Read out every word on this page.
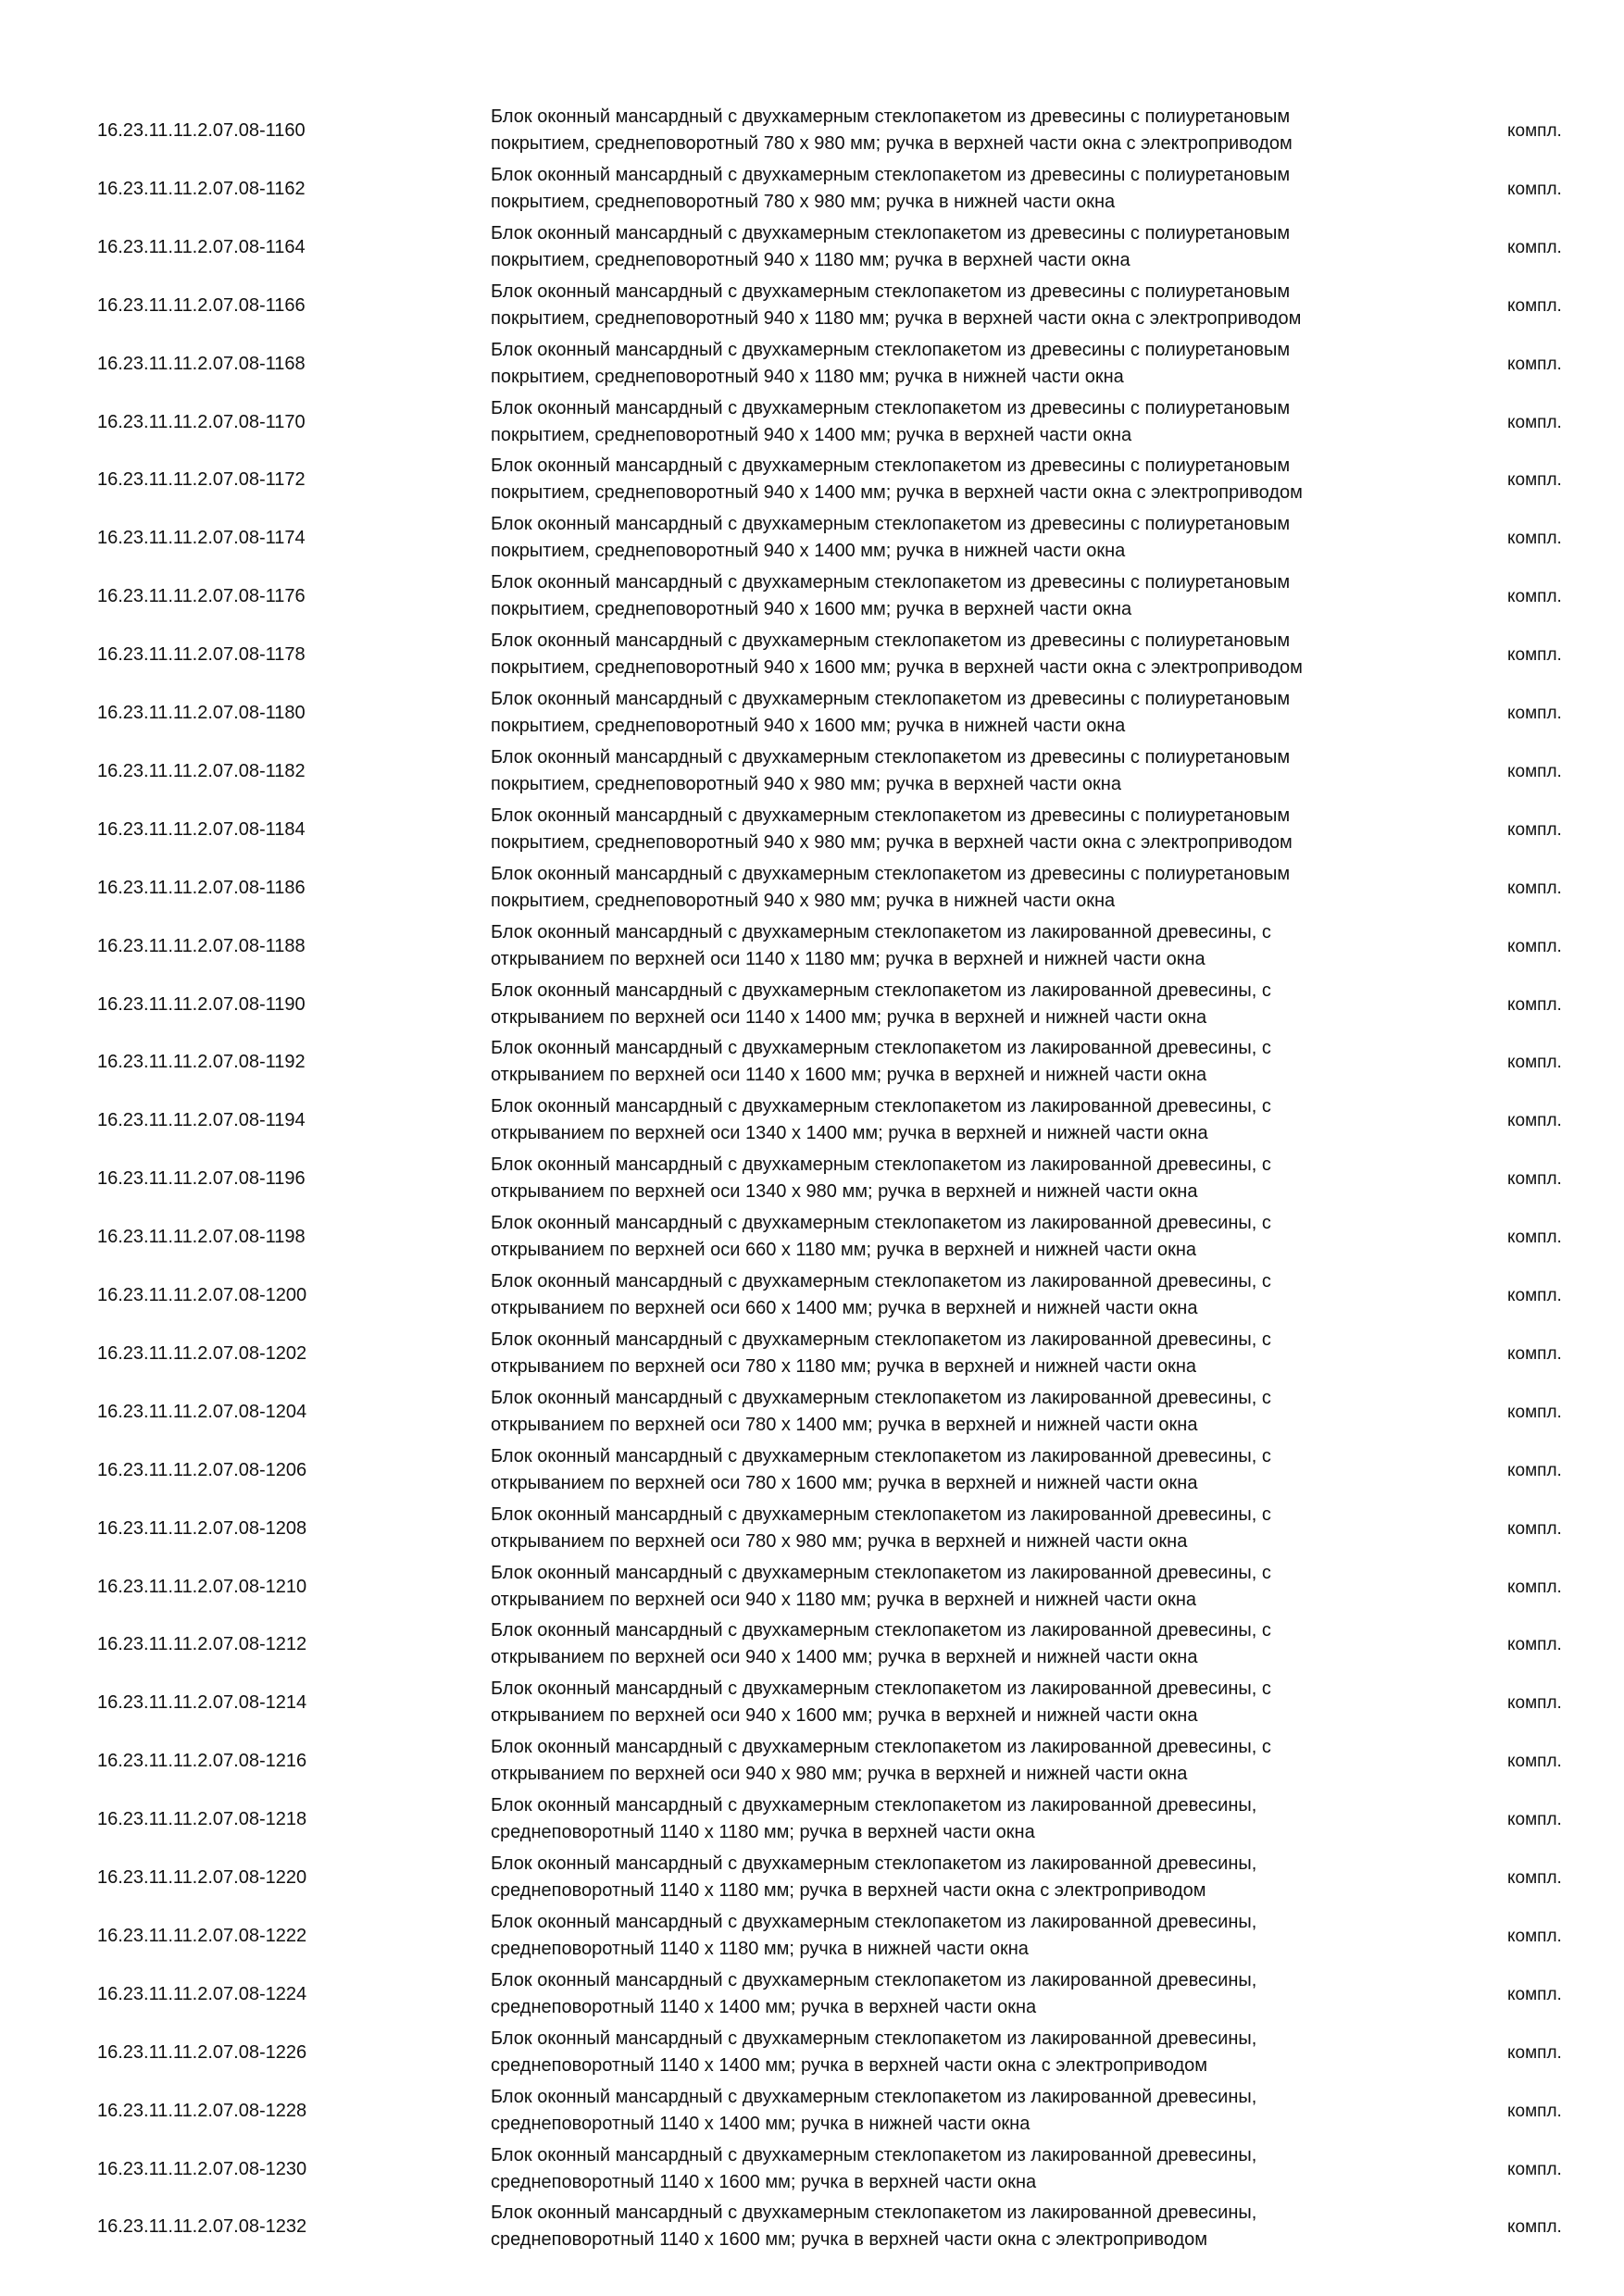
16.23.11.11.2.07.08-1160
Блок оконный мансардный с двухкамерным стеклопакетом из древесины с полиуретановым
покрытием, среднеповоротный 780 х 980 мм; ручка в верхней части окна с электроприводом
компл.
16.23.11.11.2.07.08-1162
Блок оконный мансардный с двухкамерным стеклопакетом из древесины с полиуретановым
покрытием, среднеповоротный 780 х 980 мм; ручка в нижней части окна
компл.
16.23.11.11.2.07.08-1164
Блок оконный мансардный с двухкамерным стеклопакетом из древесины с полиуретановым
покрытием, среднеповоротный 940 х 1180 мм; ручка в верхней части окна
компл.
16.23.11.11.2.07.08-1166
Блок оконный мансардный с двухкамерным стеклопакетом из древесины с полиуретановым
покрытием, среднеповоротный 940 х 1180 мм; ручка в верхней части окна с электроприводом
компл.
16.23.11.11.2.07.08-1168
Блок оконный мансардный с двухкамерным стеклопакетом из древесины с полиуретановым
покрытием, среднеповоротный 940 х 1180 мм; ручка в нижней части окна
компл.
16.23.11.11.2.07.08-1170
Блок оконный мансардный с двухкамерным стеклопакетом из древесины с полиуретановым
покрытием, среднеповоротный 940 х 1400 мм; ручка в верхней части окна
компл.
16.23.11.11.2.07.08-1172
Блок оконный мансардный с двухкамерным стеклопакетом из древесины с полиуретановым
покрытием, среднеповоротный 940 х 1400 мм; ручка в верхней части окна с электроприводом
компл.
16.23.11.11.2.07.08-1174
Блок оконный мансардный с двухкамерным стеклопакетом из древесины с полиуретановым
покрытием, среднеповоротный 940 х 1400 мм; ручка в нижней части окна
компл.
16.23.11.11.2.07.08-1176
Блок оконный мансардный с двухкамерным стеклопакетом из древесины с полиуретановым
покрытием, среднеповоротный 940 х 1600 мм; ручка в верхней части окна
компл.
16.23.11.11.2.07.08-1178
Блок оконный мансардный с двухкамерным стеклопакетом из древесины с полиуретановым
покрытием, среднеповоротный 940 х 1600 мм; ручка в верхней части окна с электроприводом
компл.
16.23.11.11.2.07.08-1180
Блок оконный мансардный с двухкамерным стеклопакетом из древесины с полиуретановым
покрытием, среднеповоротный 940 х 1600 мм; ручка в нижней части окна
компл.
16.23.11.11.2.07.08-1182
Блок оконный мансардный с двухкамерным стеклопакетом из древесины с полиуретановым
покрытием, среднеповоротный 940 х 980 мм; ручка в верхней части окна
компл.
16.23.11.11.2.07.08-1184
Блок оконный мансардный с двухкамерным стеклопакетом из древесины с полиуретановым
покрытием, среднеповоротный 940 х 980 мм; ручка в верхней части окна с электроприводом
компл.
16.23.11.11.2.07.08-1186
Блок оконный мансардный с двухкамерным стеклопакетом из древесины с полиуретановым
покрытием, среднеповоротный 940 х 980 мм; ручка в нижней части окна
компл.
16.23.11.11.2.07.08-1188
Блок оконный мансардный с двухкамерным стеклопакетом из лакированной древесины, с
открыванием по верхней оси 1140 х 1180 мм; ручка в верхней и нижней части окна
компл.
16.23.11.11.2.07.08-1190
Блок оконный мансардный с двухкамерным стеклопакетом из лакированной древесины, с
открыванием по верхней оси 1140 х 1400 мм; ручка в верхней и нижней части окна
компл.
16.23.11.11.2.07.08-1192
Блок оконный мансардный с двухкамерным стеклопакетом из лакированной древесины, с
открыванием по верхней оси 1140 х 1600 мм; ручка в верхней и нижней части окна
компл.
16.23.11.11.2.07.08-1194
Блок оконный мансардный с двухкамерным стеклопакетом из лакированной древесины, с
открыванием по верхней оси 1340 х 1400 мм; ручка в верхней и нижней части окна
компл.
16.23.11.11.2.07.08-1196
Блок оконный мансардный с двухкамерным стеклопакетом из лакированной древесины, с
открыванием по верхней оси 1340 х 980 мм; ручка в верхней и нижней части окна
компл.
16.23.11.11.2.07.08-1198
Блок оконный мансардный с двухкамерным стеклопакетом из лакированной древесины, с
открыванием по верхней оси 660 х 1180 мм; ручка в верхней и нижней части окна
компл.
16.23.11.11.2.07.08-1200
Блок оконный мансардный с двухкамерным стеклопакетом из лакированной древесины, с
открыванием по верхней оси 660 х 1400 мм; ручка в верхней и нижней части окна
компл.
16.23.11.11.2.07.08-1202
Блок оконный мансардный с двухкамерным стеклопакетом из лакированной древесины, с
открыванием по верхней оси 780 х 1180 мм; ручка в верхней и нижней части окна
компл.
16.23.11.11.2.07.08-1204
Блок оконный мансардный с двухкамерным стеклопакетом из лакированной древесины, с
открыванием по верхней оси 780 х 1400 мм; ручка в верхней и нижней части окна
компл.
16.23.11.11.2.07.08-1206
Блок оконный мансардный с двухкамерным стеклопакетом из лакированной древесины, с
открыванием по верхней оси 780 х 1600 мм; ручка в верхней и нижней части окна
компл.
16.23.11.11.2.07.08-1208
Блок оконный мансардный с двухкамерным стеклопакетом из лакированной древесины, с
открыванием по верхней оси 780 х 980 мм; ручка в верхней и нижней части окна
компл.
16.23.11.11.2.07.08-1210
Блок оконный мансардный с двухкамерным стеклопакетом из лакированной древесины, с
открыванием по верхней оси 940 х 1180 мм; ручка в верхней и нижней части окна
компл.
16.23.11.11.2.07.08-1212
Блок оконный мансардный с двухкамерным стеклопакетом из лакированной древесины, с
открыванием по верхней оси 940 х 1400 мм; ручка в верхней и нижней части окна
компл.
16.23.11.11.2.07.08-1214
Блок оконный мансардный с двухкамерным стеклопакетом из лакированной древесины, с
открыванием по верхней оси 940 х 1600 мм; ручка в верхней и нижней части окна
компл.
16.23.11.11.2.07.08-1216
Блок оконный мансардный с двухкамерным стеклопакетом из лакированной древесины, с
открыванием по верхней оси 940 х 980 мм; ручка в верхней и нижней части окна
компл.
16.23.11.11.2.07.08-1218
Блок оконный мансардный с двухкамерным стеклопакетом из лакированной древесины,
среднеповоротный 1140 х 1180 мм; ручка в верхней части окна
компл.
16.23.11.11.2.07.08-1220
Блок оконный мансардный с двухкамерным стеклопакетом из лакированной древесины,
среднеповоротный 1140 х 1180 мм; ручка в верхней части окна с электроприводом
компл.
16.23.11.11.2.07.08-1222
Блок оконный мансардный с двухкамерным стеклопакетом из лакированной древесины,
среднеповоротный 1140 х 1180 мм; ручка в нижней части окна
компл.
16.23.11.11.2.07.08-1224
Блок оконный мансардный с двухкамерным стеклопакетом из лакированной древесины,
среднеповоротный 1140 х 1400 мм; ручка в верхней части окна
компл.
16.23.11.11.2.07.08-1226
Блок оконный мансардный с двухкамерным стеклопакетом из лакированной древесины,
среднеповоротный 1140 х 1400 мм; ручка в верхней части окна с электроприводом
компл.
16.23.11.11.2.07.08-1228
Блок оконный мансардный с двухкамерным стеклопакетом из лакированной древесины,
среднеповоротный 1140 х 1400 мм; ручка в нижней части окна
компл.
16.23.11.11.2.07.08-1230
Блок оконный мансардный с двухкамерным стеклопакетом из лакированной древесины,
среднеповоротный 1140 х 1600 мм; ручка в верхней части окна
компл.
16.23.11.11.2.07.08-1232
Блок оконный мансардный с двухкамерным стеклопакетом из лакированной древесины,
среднеповоротный 1140 х 1600 мм; ручка в верхней части окна с электроприводом
компл.
